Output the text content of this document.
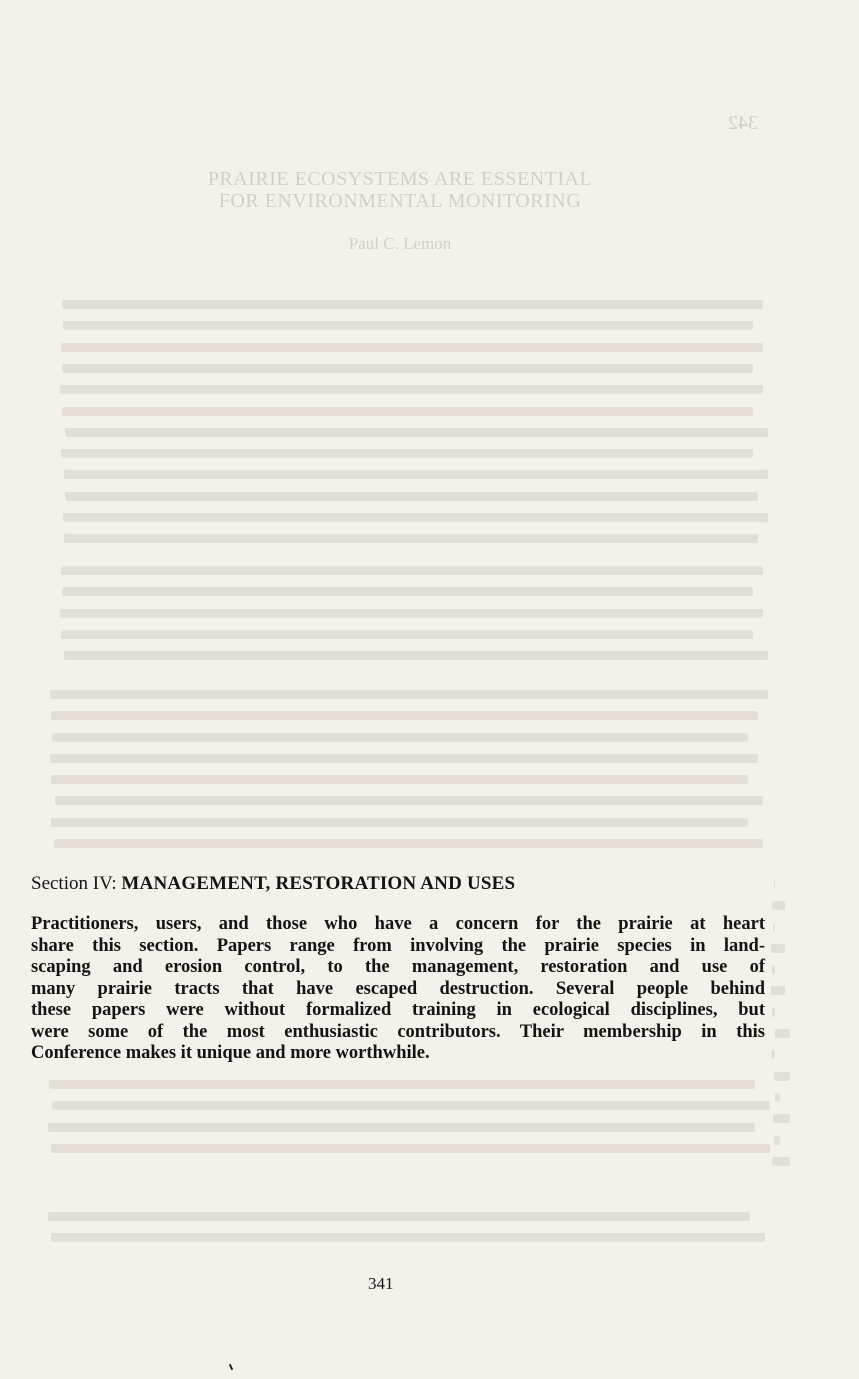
342
PRAIRIE ECOSYSTEMS ARE ESSENTIAL
FOR ENVIRONMENTAL MONITORING
Paul C. Lemon
Section IV: MANAGEMENT, RESTORATION AND USES

Practitioners, users, and those who have a concern for the prairie at heart
share this section. Papers range from involving the prairie species in land-
scaping and erosion control, to the management, restoration and use of
many prairie tracts that have escaped destruction. Several people behind
these papers were without formalized training in ecological disciplines, but
were some of the most enthusiastic contributors. Their membership in this
Conference makes it unique and more worthwhile.

341
